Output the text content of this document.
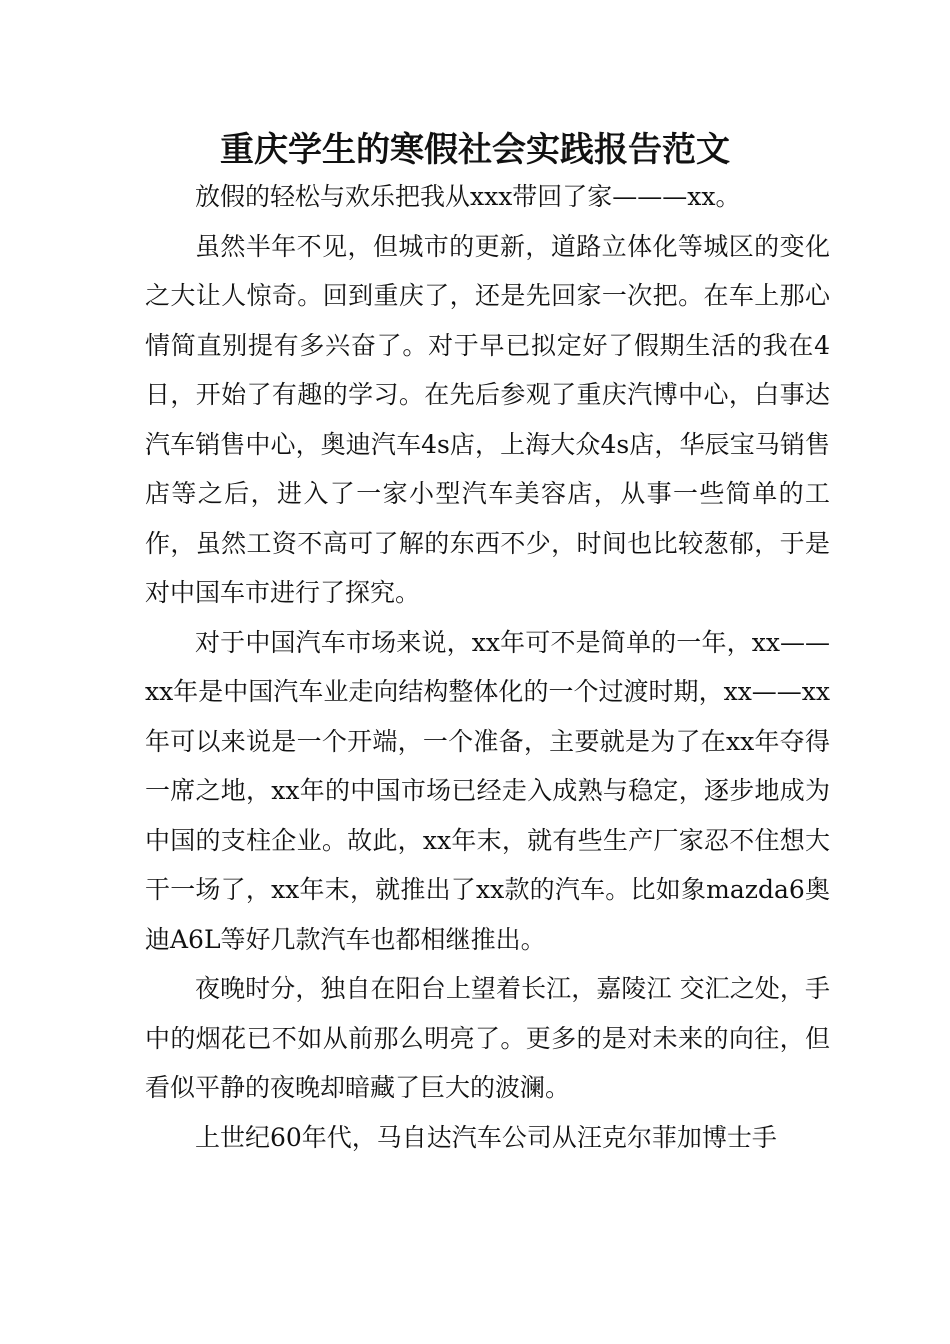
重庆学生的寒假社会实践报告范文

放假的轻松与欢乐把我从xxx带回了家———xx。

虽然半年不见，但城市的更新，道路立体化等城区的变化之大让人惊奇。回到重庆了，还是先回家一次把。在车上那心情简直别提有多兴奋了。对于早已拟定好了假期生活的我在4日，开始了有趣的学习。在先后参观了重庆汽博中心，白事达汽车销售中心，奥迪汽车4s店，上海大众4s店，华辰宝马销售店等之后，进入了一家小型汽车美容店，从事一些简单的工作，虽然工资不高可了解的东西不少，时间也比较葱郁，于是对中国车市进行了探究。

对于中国汽车市场来说，xx年可不是简单的一年，xx——xx年是中国汽车业走向结构整体化的一个过渡时期，xx——xx年可以来说是一个开端，一个准备，主要就是为了在xx年夺得一席之地，xx年的中国市场已经走入成熟与稳定，逐步地成为中国的支柱企业。故此，xx年末，就有些生产厂家忍不住想大干一场了，xx年末，就推出了xx款的汽车。比如象mazda6奥迪A6L等好几款汽车也都相继推出。

夜晚时分，独自在阳台上望着长江，嘉陵江 交汇之处，手中的烟花已不如从前那么明亮了。更多的是对未来的向往，但看似平静的夜晚却暗藏了巨大的波澜。

上世纪60年代，马自达汽车公司从汪克尔菲加博士手
